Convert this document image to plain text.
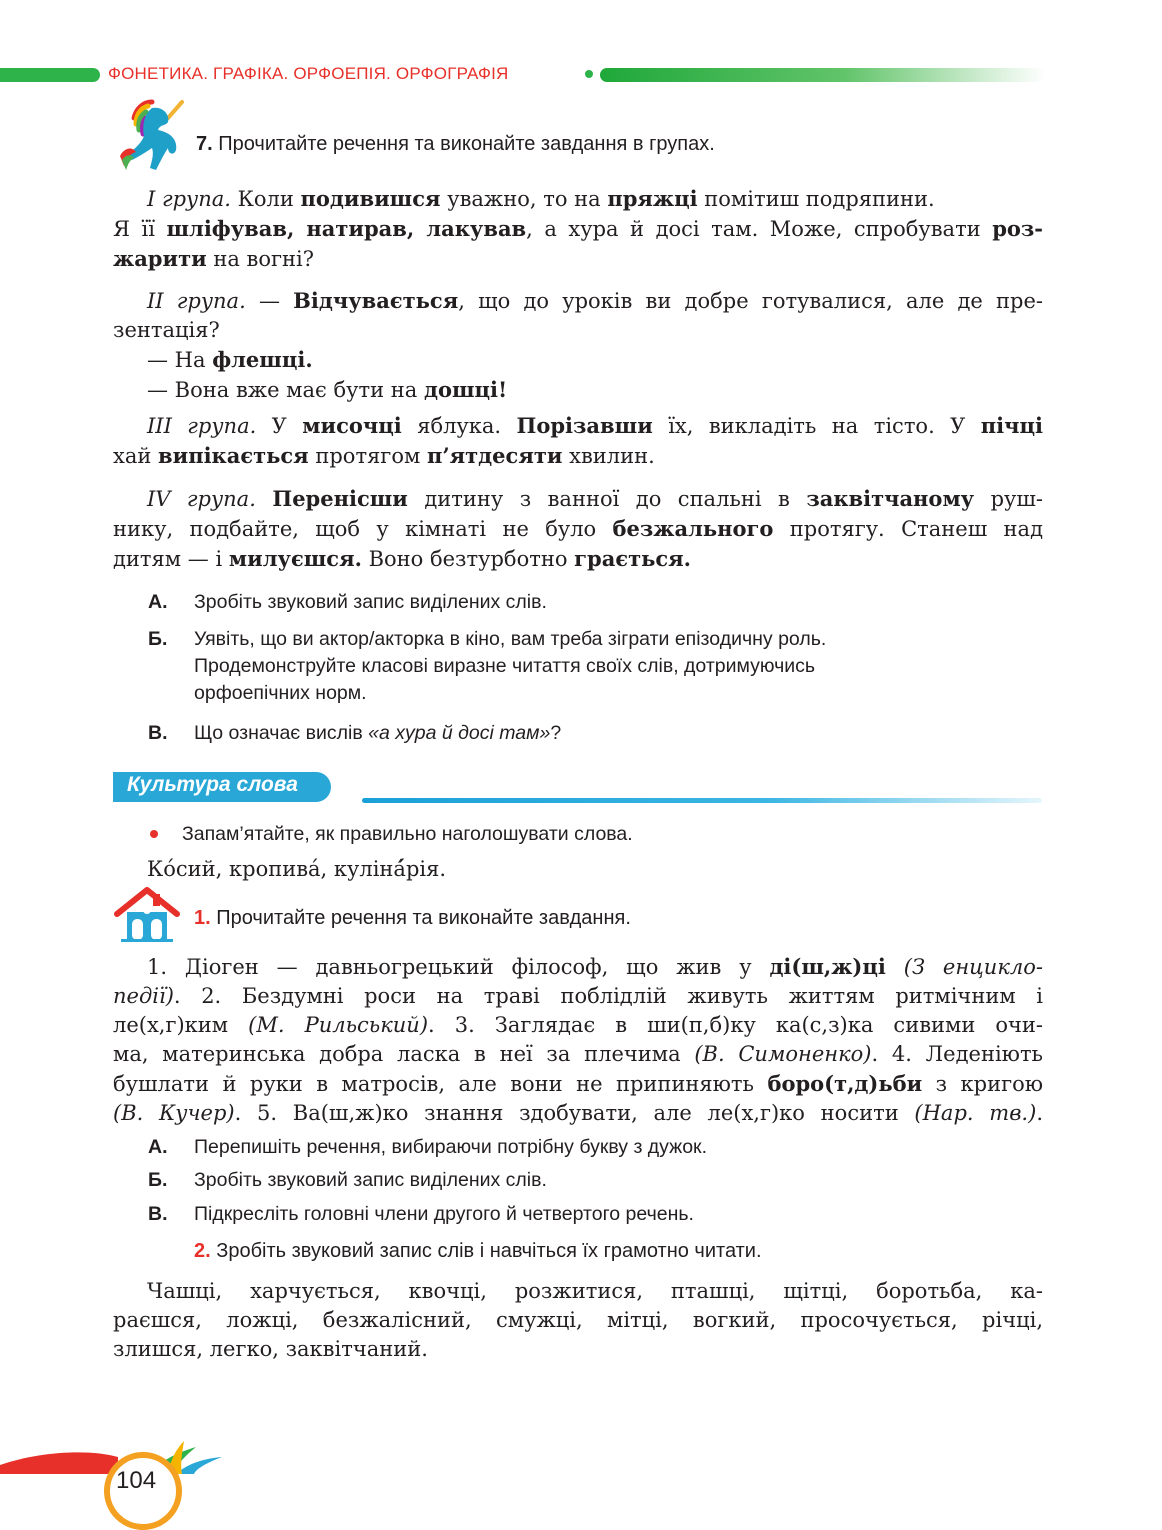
ФОНЕТИКА. ГРАФІКА. ОРФОЕПІЯ. ОРФОГРАФІЯ
7. Прочитайте речення та виконайте завдання в групах.
І група. Коли подивишся уважно, то на пряжці помітиш подряпини.
Я її шліфував, натирав, лакував, а хура й досі там. Може, спробувати роз-
жарити на вогні?
ІІ група. — Відчувається, що до уроків ви добре готувалися, але де пре-
зентація?
— На флешці.
— Вона вже має бути на дошці!
ІІІ група. У мисочці яблука. Порізавши їх, викладіть на тісто. У пічці
хай випікається протягом п’ятдесяти хвилин.
IV група. Перенісши дитину з ванної до спальні в заквітчаному руш-
нику, подбайте, щоб у кімнаті не було безжального протягу. Станеш над
дитям — і милуєшся. Воно безтурботно грається.
А. Зробіть звуковий запис виділених слів.
Б. Уявіть, що ви актор/акторка в кіно, вам треба зіграти епізодичну роль.
Продемонструйте класові виразне читаття своїх слів, дотримуючись
орфоепічних норм.
В. Що означає вислів «а хура й досі там»?
Культура слова
Запам’ятайте, як правильно наголошувати слова.
Ко́сий, кропива́, кулінá́рія.
1. Прочитайте речення та виконайте завдання.
1. Діоген — давньогрецький філософ, що жив у ді(ш,ж)ці (З енцикло-
педії). 2. Бездумні роси на траві поблідлій живуть життям ритмічним і
ле(х,г)ким (М. Рильський). 3. Заглядає в ши(п,б)ку ка(с,з)ка сивими очи-
ма, материнська добра ласка в неї за плечима (В. Симоненко). 4. Леденіють
бушлати й руки в матросів, але вони не припиняють боро(т,д)ьби з кригою
(В. Кучер). 5. Ва(ш,ж)ко знання здобувати, але ле(х,г)ко носити (Нар. тв.).
А. Перепишіть речення, вибираючи потрібну букву з дужок.
Б. Зробіть звуковий запис виділених слів.
В. Підкресліть головні члени другого й четвертого речень.
2. Зробіть звуковий запис слів і навчіться їх грамотно читати.
Чашці, харчується, квочці, розжитися, пташці, щітці, боротьба, ка-
раєшся, ложці, безжалісний, смужці, мітці, вогкий, просочується, річці,
злишся, легко, заквітчаний.
104
